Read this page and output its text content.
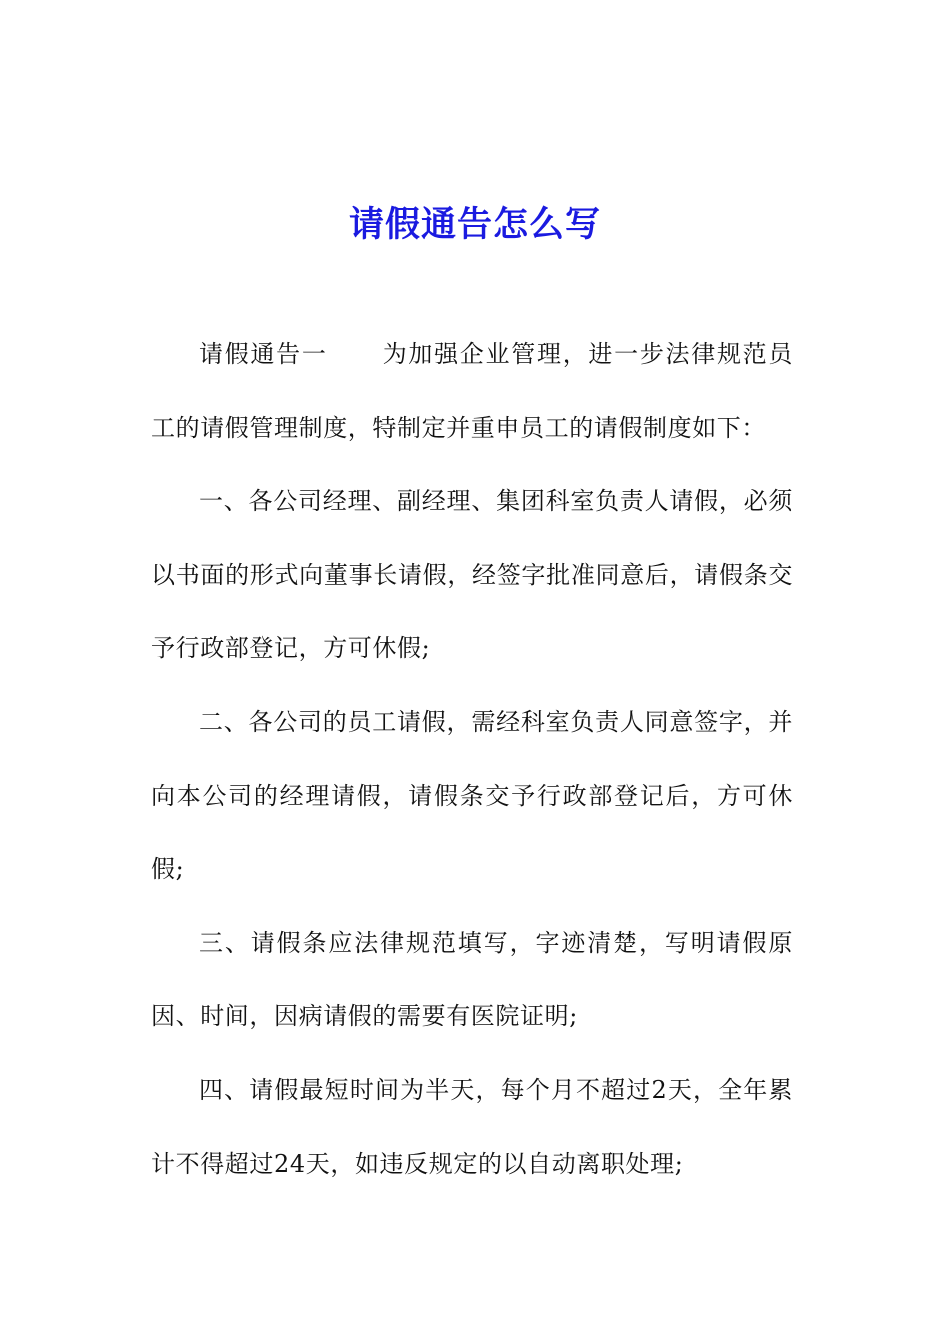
请假通告怎么写

请假通告一 为加强企业管理，进一步法律规范员工的请假管理制度，特制定并重申员工的请假制度如下：

一、各公司经理、副经理、集团科室负责人请假，必须以书面的形式向董事长请假，经签字批准同意后，请假条交予行政部登记，方可休假;

二、各公司的员工请假，需经科室负责人同意签字，并向本公司的经理请假，请假条交予行政部登记后，方可休假;

三、请假条应法律规范填写，字迹清楚，写明请假原因、时间，因病请假的需要有医院证明;

四、请假最短时间为半天，每个月不超过2天，全年累计不得超过24天，如违反规定的以自动离职处理;
